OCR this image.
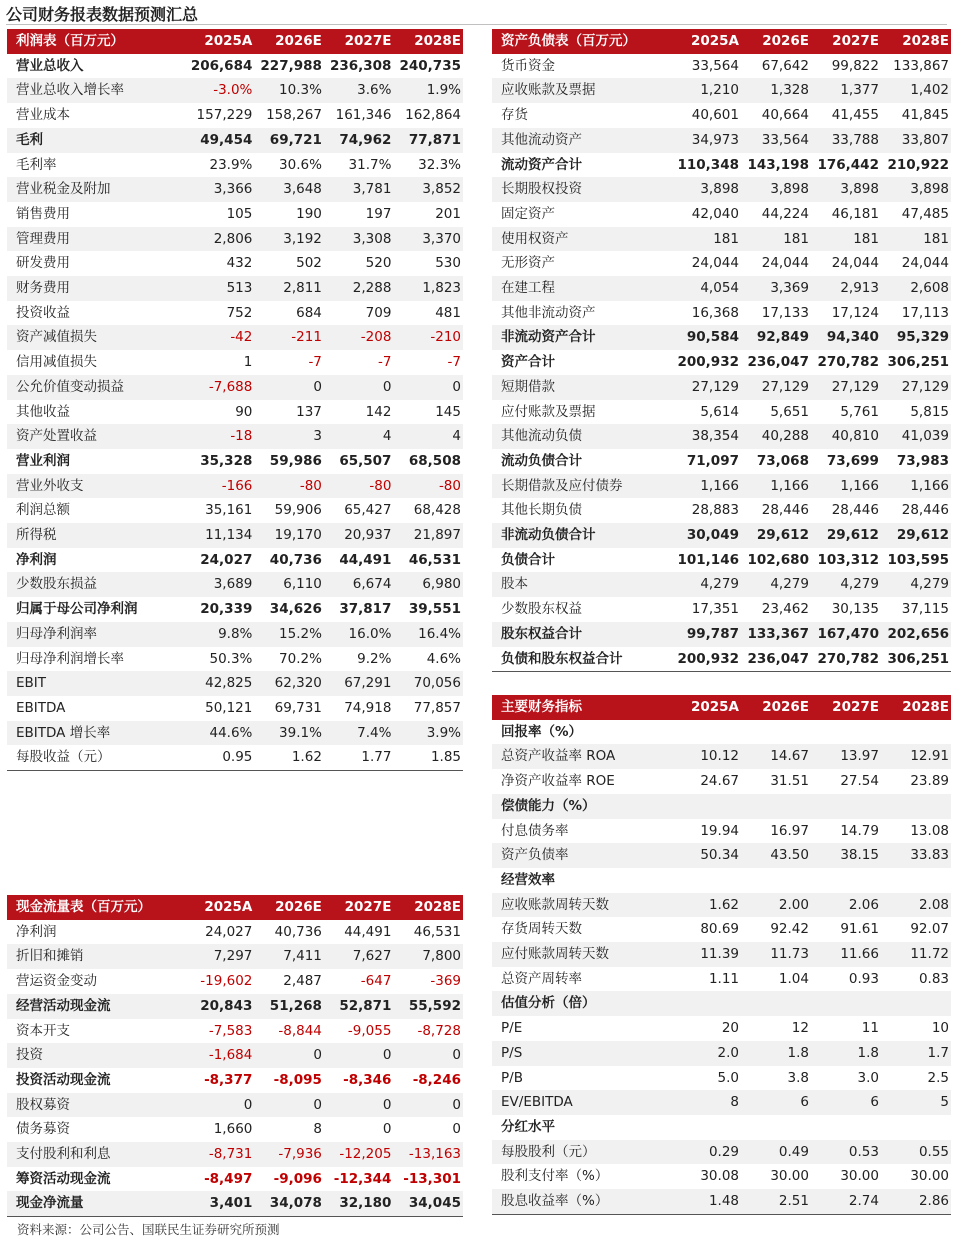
公司财务报表数据预测汇总
利润表（百万元）	2025A	2026E	2027E	2028E
营业总收入	206,684	227,988	236,308	240,735
营业总收入增长率	-3.0%	10.3%	3.6%	1.9%
营业成本	157,229	158,267	161,346	162,864
毛利	49,454	69,721	74,962	77,871
毛利率	23.9%	30.6%	31.7%	32.3%
营业税金及附加	3,366	3,648	3,781	3,852
销售费用	105	190	197	201
管理费用	2,806	3,192	3,308	3,370
研发费用	432	502	520	530
财务费用	513	2,811	2,288	1,823
投资收益	752	684	709	481
资产减值损失	-42	-211	-208	-210
信用减值损失	1	-7	-7	-7
公允价值变动损益	-7,688	0	0	0
其他收益	90	137	142	145
资产处置收益	-18	3	4	4
营业利润	35,328	59,986	65,507	68,508
营业外收支	-166	-80	-80	-80
利润总额	35,161	59,906	65,427	68,428
所得税	11,134	19,170	20,937	21,897
净利润	24,027	40,736	44,491	46,531
少数股东损益	3,689	6,110	6,674	6,980
归属于母公司净利润	20,339	34,626	37,817	39,551
归母净利润率	9.8%	15.2%	16.0%	16.4%
归母净利润增长率	50.3%	70.2%	9.2%	4.6%
EBIT	42,825	62,320	67,291	70,056
EBITDA	50,121	69,731	74,918	77,857
EBITDA 增长率	44.6%	39.1%	7.4%	3.9%
每股收益（元）	0.95	1.62	1.77	1.85
资产负债表（百万元）	2025A	2026E	2027E	2028E
货币资金	33,564	67,642	99,822	133,867
应收账款及票据	1,210	1,328	1,377	1,402
存货	40,601	40,664	41,455	41,845
其他流动资产	34,973	33,564	33,788	33,807
流动资产合计	110,348	143,198	176,442	210,922
长期股权投资	3,898	3,898	3,898	3,898
固定资产	42,040	44,224	46,181	47,485
使用权资产	181	181	181	181
无形资产	24,044	24,044	24,044	24,044
在建工程	4,054	3,369	2,913	2,608
其他非流动资产	16,368	17,133	17,124	17,113
非流动资产合计	90,584	92,849	94,340	95,329
资产合计	200,932	236,047	270,782	306,251
短期借款	27,129	27,129	27,129	27,129
应付账款及票据	5,614	5,651	5,761	5,815
其他流动负债	38,354	40,288	40,810	41,039
流动负债合计	71,097	73,068	73,699	73,983
长期借款及应付债券	1,166	1,166	1,166	1,166
其他长期负债	28,883	28,446	28,446	28,446
非流动负债合计	30,049	29,612	29,612	29,612
负债合计	101,146	102,680	103,312	103,595
股本	4,279	4,279	4,279	4,279
少数股东权益	17,351	23,462	30,135	37,115
股东权益合计	99,787	133,367	167,470	202,656
负债和股东权益合计	200,932	236,047	270,782	306,251
现金流量表（百万元）	2025A	2026E	2027E	2028E
净利润	24,027	40,736	44,491	46,531
折旧和摊销	7,297	7,411	7,627	7,800
营运资金变动	-19,602	2,487	-647	-369
经营活动现金流	20,843	51,268	52,871	55,592
资本开支	-7,583	-8,844	-9,055	-8,728
投资	-1,684	0	0	0
投资活动现金流	-8,377	-8,095	-8,346	-8,246
股权募资	0	0	0	0
债务募资	1,660	8	0	0
支付股利和利息	-8,731	-7,936	-12,205	-13,163
筹资活动现金流	-8,497	-9,096	-12,344	-13,301
现金净流量	3,401	34,078	32,180	34,045
主要财务指标	2025A	2026E	2027E	2028E
回报率（%）				
总资产收益率 ROA	10.12	14.67	13.97	12.91
净资产收益率 ROE	24.67	31.51	27.54	23.89
偿债能力（%）				
付息债务率	19.94	16.97	14.79	13.08
资产负债率	50.34	43.50	38.15	33.83
经营效率				
应收账款周转天数	1.62	2.00	2.06	2.08
存货周转天数	80.69	92.42	91.61	92.07
应付账款周转天数	11.39	11.73	11.66	11.72
总资产周转率	1.11	1.04	0.93	0.83
估值分析（倍）				
P/E	20	12	11	10
P/S	2.0	1.8	1.8	1.7
P/B	5.0	3.8	3.0	2.5
EV/EBITDA	8	6	6	5
分红水平				
每股股利（元）	0.29	0.49	0.53	0.55
股利支付率（%）	30.08	30.00	30.00	30.00
股息收益率（%）	1.48	2.51	2.74	2.86
资料来源：公司公告、国联民生证券研究所预测
